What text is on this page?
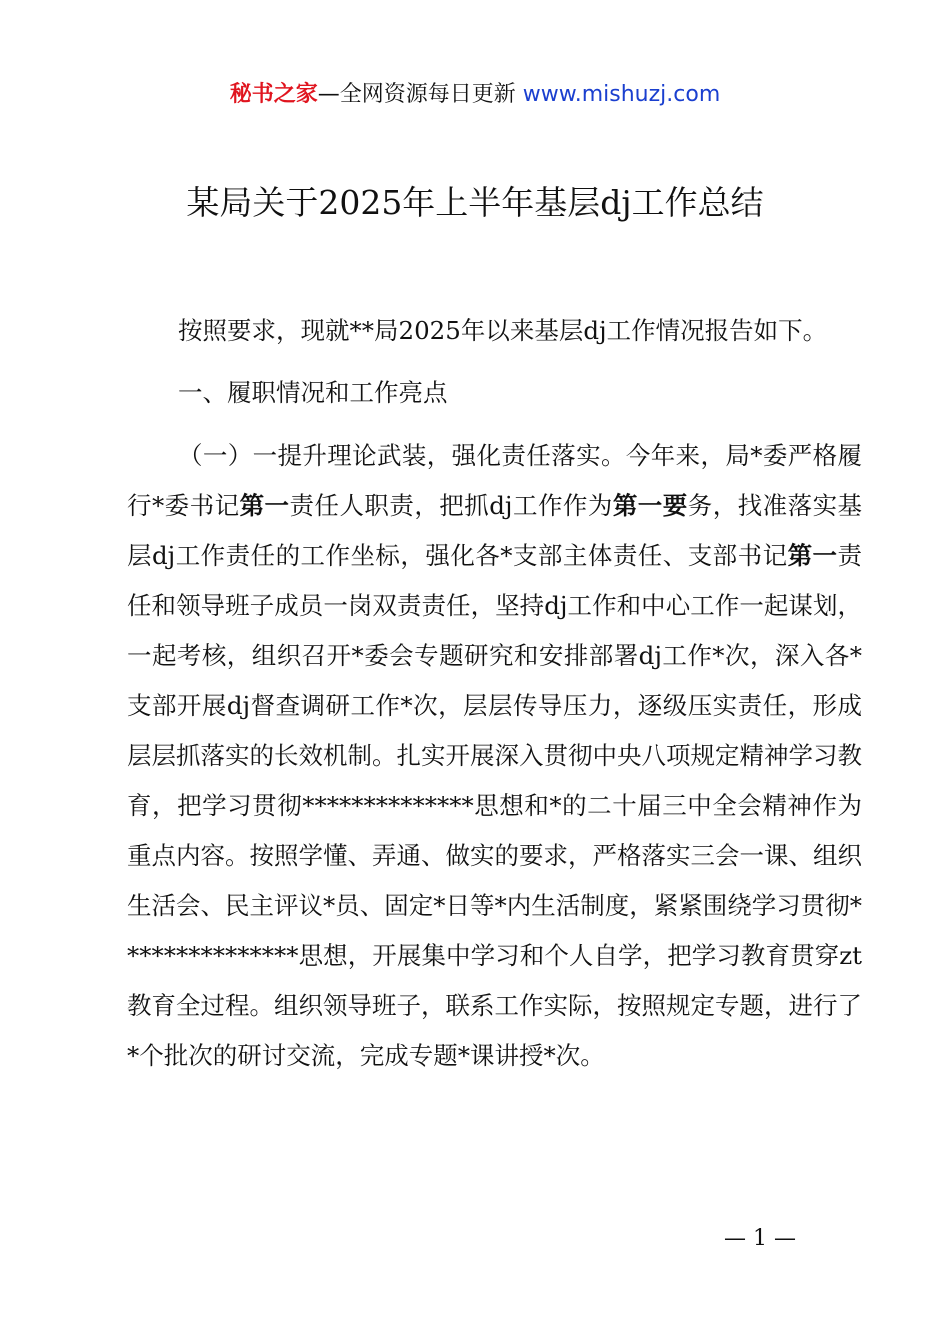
秘书之家—全网资源每日更新 www.mishuzj.com
某局关于2025年上半年基层dj工作总结
按照要求，现就**局2025年以来基层dj工作情况报告如下。
一、履职情况和工作亮点
（一）一提升理论武装，强化责任落实。今年来，局*委严格履行*委书记第一责任人职责，把抓dj工作作为第一要务，找准落实基层dj工作责任的工作坐标，强化各*支部主体责任、支部书记第一责任和领导班子成员一岗双责责任，坚持dj工作和中心工作一起谋划，一起考核，组织召开*委会专题研究和安排部署dj工作*次，深入各*支部开展dj督查调研工作*次，层层传导压力，逐级压实责任，形成层层抓落实的长效机制。扎实开展深入贯彻中央八项规定精神学习教育，把学习贯彻**************思想和*的二十届三中全会精神作为重点内容。按照学懂、弄通、做实的要求，严格落实三会一课、组织生活会、民主评议*员、固定*日等*内生活制度，紧紧围绕学习贯彻***************思想，开展集中学习和个人自学，把学习教育贯穿zt教育全过程。组织领导班子，联系工作实际，按照规定专题，进行了*个批次的研讨交流，完成专题*课讲授*次。
— 1 —
